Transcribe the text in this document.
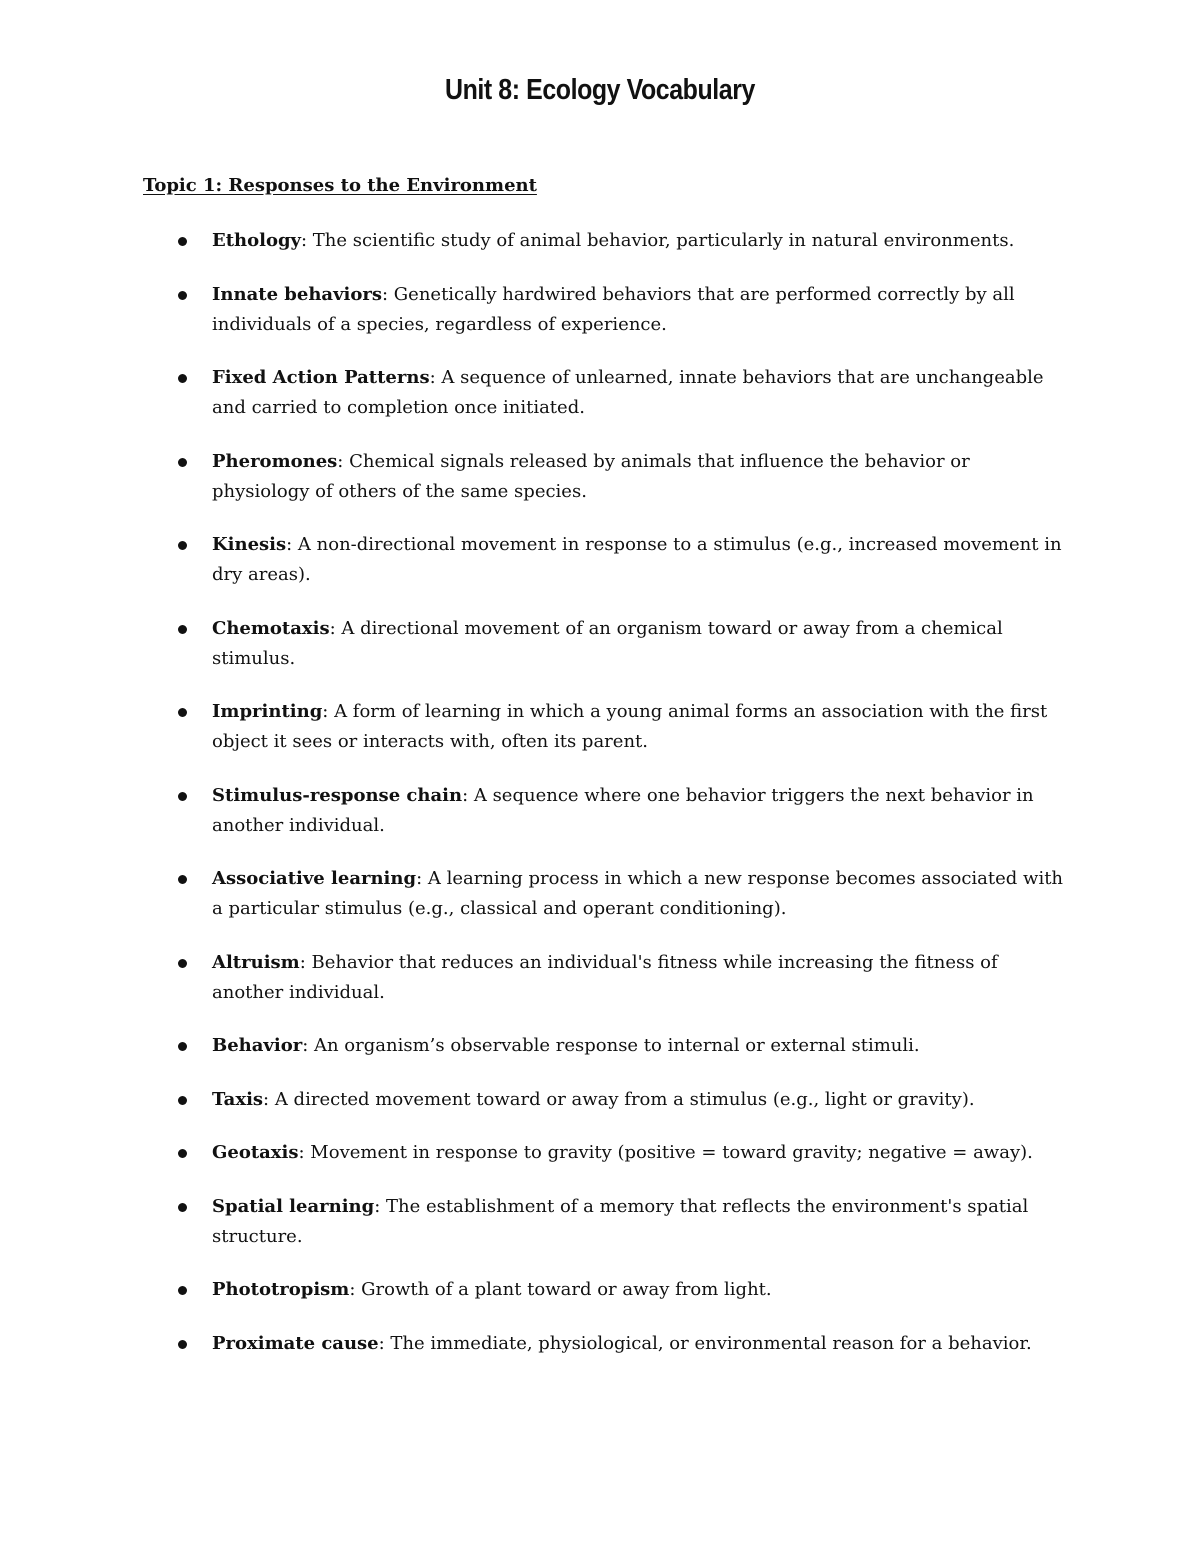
Unit 8: Ecology Vocabulary
Topic 1: Responses to the Environment
Ethology: The scientific study of animal behavior, particularly in natural environments.
Innate behaviors: Genetically hardwired behaviors that are performed correctly by all individuals of a species, regardless of experience.
Fixed Action Patterns: A sequence of unlearned, innate behaviors that are unchangeable and carried to completion once initiated.
Pheromones: Chemical signals released by animals that influence the behavior or physiology of others of the same species.
Kinesis: A non-directional movement in response to a stimulus (e.g., increased movement in dry areas).
Chemotaxis: A directional movement of an organism toward or away from a chemical stimulus.
Imprinting: A form of learning in which a young animal forms an association with the first object it sees or interacts with, often its parent.
Stimulus-response chain: A sequence where one behavior triggers the next behavior in another individual.
Associative learning: A learning process in which a new response becomes associated with a particular stimulus (e.g., classical and operant conditioning).
Altruism: Behavior that reduces an individual's fitness while increasing the fitness of another individual.
Behavior: An organism’s observable response to internal or external stimuli.
Taxis: A directed movement toward or away from a stimulus (e.g., light or gravity).
Geotaxis: Movement in response to gravity (positive = toward gravity; negative = away).
Spatial learning: The establishment of a memory that reflects the environment's spatial structure.
Phototropism: Growth of a plant toward or away from light.
Proximate cause: The immediate, physiological, or environmental reason for a behavior.
